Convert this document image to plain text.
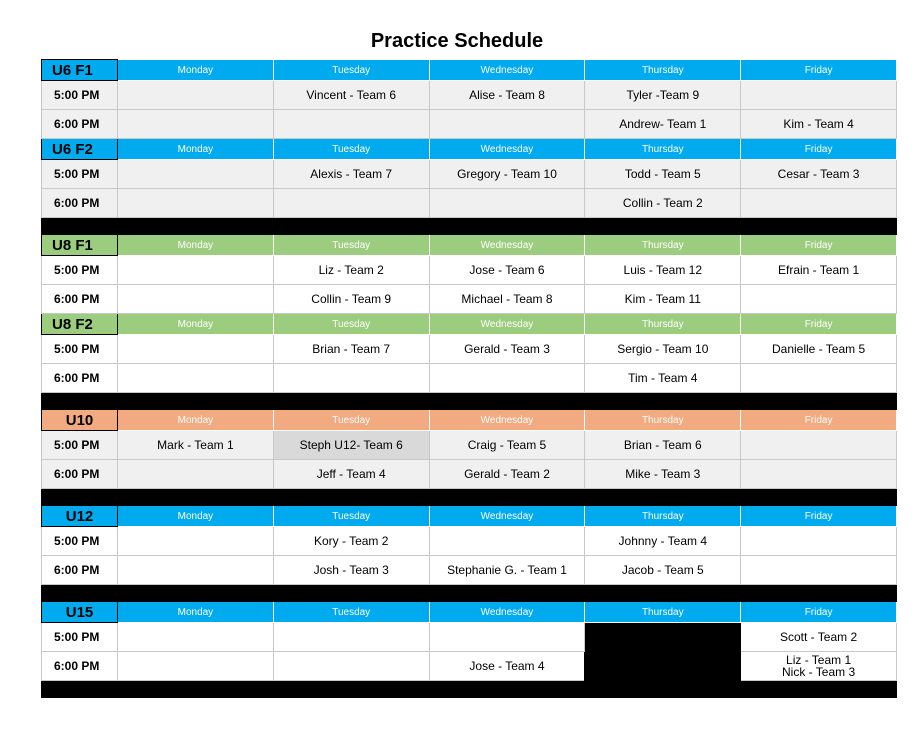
Practice Schedule
U6 F1	Monday	Tuesday	Wednesday	Thursday	Friday
5:00 PM		Vincent - Team 6	Alise - Team 8	Tyler -Team 9	
6:00 PM				Andrew- Team 1	Kim - Team 4
U6 F2	Monday	Tuesday	Wednesday	Thursday	Friday
5:00 PM		Alexis - Team 7	Gregory - Team 10	Todd - Team 5	Cesar - Team 3
6:00 PM				Collin - Team 2	

U8 F1	Monday	Tuesday	Wednesday	Thursday	Friday
5:00 PM		Liz - Team 2	Jose - Team 6	Luis - Team 12	Efrain - Team 1
6:00 PM		Collin - Team 9	Michael - Team 8	Kim - Team 11	
U8 F2	Monday	Tuesday	Wednesday	Thursday	Friday
5:00 PM		Brian - Team 7	Gerald - Team 3	Sergio - Team 10	Danielle - Team 5
6:00 PM				Tim - Team 4	

U10	Monday	Tuesday	Wednesday	Thursday	Friday
5:00 PM	Mark - Team 1	Steph U12- Team 6	Craig - Team 5	Brian - Team 6	
6:00 PM		Jeff - Team 4	Gerald - Team 2	Mike - Team 3	

U12	Monday	Tuesday	Wednesday	Thursday	Friday
5:00 PM		Kory - Team 2		Johnny - Team 4	
6:00 PM		Josh - Team 3	Stephanie G. - Team 1	Jacob - Team 5	

U15	Monday	Tuesday	Wednesday	Thursday	Friday
5:00 PM					Scott - Team 2
6:00 PM			Jose - Team 4		Liz - Team 1
Nick - Team 3
